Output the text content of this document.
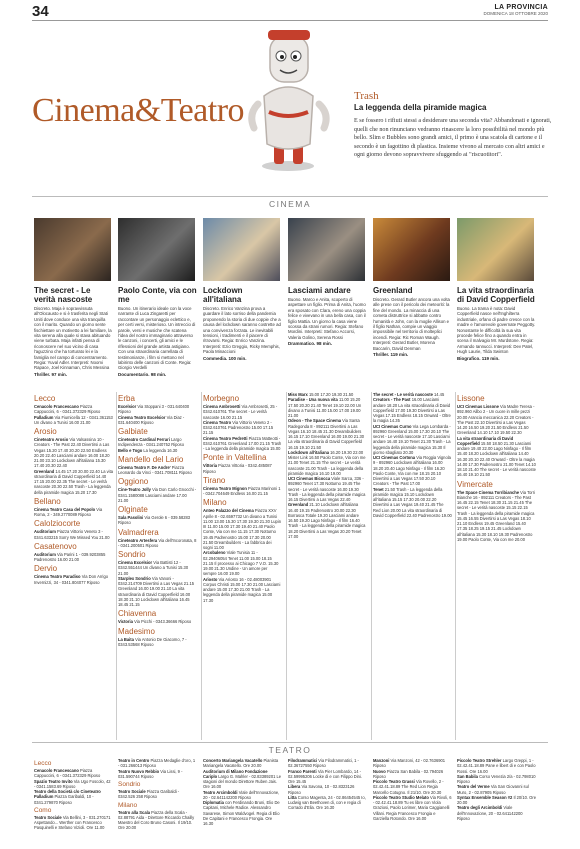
34	LA PROVINCIA
DOMENICA 18 OTTOBRE 2020
Cinema&Teatro	Trash
La leggenda della piramide magica
E se fossero i rifiuti stessi a desiderare una seconda vita? Abbandonati e ignorati, quelli che non rinunciano vedranno rinascere la loro possibilità nel mondo più bello. Slim e Bubbles sono grandi amici, il primo è una scatola di cartone e il secondo è un fagottino di plastica. Insieme vivono al mercato con altri amici e ogni giorno devono sopravvivere sfuggendo ai "riscuotitori".
CINEMA
The secret - Le verità nascoste
Discreto. Maja è sopravvissuta all'Olocausto e si è trasferita negli Stati Uniti dove conduce una vita tranquilla con il marito. Quando un giorno sente fischiettare un motivetto a lei familiare, la vita serena alla quale si stava abituando viene turbata. Maja infatti pensa di riconoscere nel suo vicino di casa l'aguzzino che ha torturato lei e la famiglia nel campo di concentramento. Regia: Yuval Adler. Interpreti: Noomi Rapace, Joel Kinnaman, Chris Messina
Thriller. 97 min.
Paolo Conte, via con me
Buono. Un itinerario ideale con la voce narrante di Luca Zingaretti per raccontare un personaggio eclettico e, per certi versi, misterioso. Un intreccio di parole, versi e musiche che scatena l'idea del nostro immaginario attraverso le canzoni, i concerti, gli amici e le riflessioni del grande artista astigiano. Con una straordinaria carrellata di testimonianze, i film si mettono nel labirinto delle canzoni di Conte. Regia: Giorgio Verdelli
Documentario. 98 min.
Lockdown all'italiana
Discreto. Enrico Vanzina prova a guardare il lato sorriso della pandemia proponendo la storia di due coppie che a causa del lockdown saranno costrette ad una convivenza forzata. Le inevitabili tensioni, i tradimenti e il piacere di ritrovarsi. Regia: Enrico Vanzina. Interpreti: Ezio Greggio, Ricky Memphis, Paola Minaccioni
Commedia. 100 min.
Lasciami andare
Buono. Marco e Anita, scoperto di aspettare un figlio. Prima di Anita, l'uomo era sposato con Clara, ereno una coppia felice e vivevano in una bella casa, con il figlio Mattia. Un giorno la casa viene scossa da strani rumori. Regia: Stefano Mordini. Interpreti: Stefano Accorsi, Valeria Golino, Serena Rossi
Drammatico. 98 min.
Greenland
Discreto. Gerard Butler ancora una volta alle prese con il pericolo dei meteoriti: la fine del mondo. La minaccia di una cometa distruttrice si abbatte contro l'umanità e John, con la moglie Allison e il figlio Nathan, compie un viaggio impossibile nel territorio di molteplici incendi. Regia: Ric Roman Waugh. Interpreti: Gerard Butler, Morena Baccarin, David Denman
Thriller. 119 min.
La vita straordinaria di David Copperfield
Buono. La trama è nota: David Copperfield nasce nell'Inghilterra industriale, orfano di padre cresce con la madre e l'amorevole governate Peggotty. Nonostante le difficoltà la sua vita procede felice fino a quando entra in scena il malvagio Mr. Murdstone. Regia: Armando Iannucci. Interpreti: Dev Patel, Hugh Laurie, Tilda Swinton
Biografico. 119 min.
Lecco
Cenacolo Francescano Piazza Cappuccini, 6 - 0341.372329 Riposo
Palladium Via Fiumicella 12 - 0341.361153 Un divano a Tunisi 16.00 21.00
Arosio
Cineteatro Arosio Via Valsassina 10 - Creators - The Past 22.40 Divertirsi a Las Vegas 15.20 17.40 20.20 22.50 Endless 20.20 22.40 Lasciami andare 16.00 18.20 21.00 23.10 Lockdown all'italiana 15.30 17.40 20.30 22.40
Greenland 14.45 17.20 20.00 22.40 La vita straordinaria di David Copperfield 14.40 17.15 20.00 22.35 The secret - Le verità nascoste 20.30 22.50 Trash - La leggenda della piramide magica 15.20 17.30
Bellano
Cinema Teatro Casa del Popolo Via Roma, 2 - 349.2770089 Riposo
Calolziocorte
Auditorium Piazza Vittorio Veneto 3 - 0341.633215 Sorry We Missed You 21.00
Casatenovo
Auditorium Via Parini 1 - 039.9203855 Padrenostro 16.00 21.00
Dervio
Cinema Teatro Paradiso Via Don Arrigo Invernizzi, 34 - 0341.804077 Riposo
Erba
Excelsior Via Stoppani 3 - 031.640400 Riposo
Cinema Teatro Excelsior Via Diaz - 031.640400 Riposo
Galbiate
Cineteatro Cardinal Ferrari Largo Indipendenza - 0341.240752 Riposo
Bello e Togo La leggenda 16.30
Mandello del Lario
Cinema Teatro F. De Andre' Piazza Leonardo da Vinci - 0341.708111 Riposo
Oggiono
Cine-Teatro Jolly Via Don Carlo Gnocchi - 0341.1580088 Lasciami andare 17.00 21.00
Olginate
Sala Pasolini Via Gerole 6 - 039.58283 Riposo
Valmadrera
Cineteatro Artesfera Via dell'Incoronata, 8 - 0341.200501 Riposo
Sondrio
Cinema Excelsior Via Battisti 12 - 0342.551444 Un divano a Tunisi 15.30 21.00
Starplex Sondrio Via Vanoni - 0342.214709 Divertirsi a Las Vegas 21.15 Greenland 16.00 19.00 21.10 La vita straordinaria di David Copperfield 16.00 18.30 21.10 Lockdown all'italiana 16.45 18.45 21.15
Chiavenna
Victoria Via Picchi - 0343.36666 Riposo
Madesimo
La Baita Via Antonio De Giacomo, 7 - 0343.53568 Riposo
Morbegno
Cinema Ambrosetti Via Ambrosetti, 25 - 0342.610761 The secret - Le verità nascoste 16.00 21.15
Cinema Teatro Via Vittorio Veneto 2 - 0342.610761 Padrenostro 15.00 17.15 21.15
Cinema Teatro Pedretti Piazza Matteotti - 0342.610761 Greenland 17.00 21.15 Trash - La leggenda della piramide magica 15.00
Ponte in Valtellina
Vittoria Piazza Vittoria - 0342.485087 Riposo
Tirano
Cinema Teatro Mignon Piazza Marinoni 1 - 0342.704649 Endless 16.00 21.15
Milano
Anteo Palazzo del Cinema Piazza XXV Aprile 8 - 02.6597732 Un divano a Tunisi 11.00 13.00 15.30 17.30 19.30 21.30 Lupin III 11.00 15.00 17.30 19.40 21.40 Paolo Conte, Via con me 11.15 17.30 Notturno 19.45 Padrenostro 15.00 17.30 20.00 21.50 Dreambuilders - La fabbrica dei sogni 11.00
Arcobaleno Viale Tunisia 11 - 02.29406054 Tenet 11.00 15.00 18.15 21.15 Il processo ai Chicago 7 V.O. 15.30 19.00 21.30 Undine - Un amore per sempre 16.00 19.00
Ariosto Via Ariosto 16 - 02.48003901 Corpus Christi 15.00 17.30 21.00 Lasciami andare 15.00 17.30 21.00 Trash - La leggenda della piramide magica 15.00 17.30
Miss Marx 15.00 17.20 19.30 21.50
Paradise - Una nuova vita 11.00 15.20 17.50 20.20 21.40 Tenet 19.10 22.00 Un divano a Tunisi 11.00 15.00 17.00 19.00 21.00
Odeon - The Space Cinema Via Santa Radegonda 8 - 892111 Divertirsi a Las Vegas 16.10 18.45 21.30 Dreambuilders 16.15 17.10 Greenland 16.00 19.00 21.30 La vita straordinaria di David Copperfield 16.15 19.10 21.50
Lockdown all'italiana 16.20 19.30 22.00 Mister Link 16.50 Paolo Conte, Via con me 21.00 Tenet 21.15 The secret - Le verità nascoste 21.00 Trash - La leggenda della piramide magica 16.10 19.00
UCI Cinemas Bicocca Viale Sarca, 336 - 892960 Tenet 17.30 Notturno 19.45 The secret - Le verità nascoste 16.00 19.30 Trash - La leggenda della piramide magica 16.15 Divertirsi a Las Vegas 22.40
Greenland 21.10 Lockdown all'italiana 16.40 19.15 Padrenostro 20.00 22.30 Borrasca Totale 19.20 Lasciami andare 16.50 19.20 Lago Ninfago - Il film 16.40 Trash - La leggenda della piramide magica 18.20 Divertirsi a Las Vegas 20.20 Tenet 17.00
The secret - Le verità nascoste 14.45
Creators - The Past 16.00 Lasciami andare 18.20 La vita straordinaria di David Copperfield 17.00 19.30 Divertirsi a Las Vegas 17.15 Endless 18.15 Onward - Oltre la magia 14.35
UCI Cinemas Curno Via Lega Lombarda - 892960 Greenland 15.00 17.30 20.10 The secret - Le verità nascoste 17.10 Lasciami andare 16.40 19.10 Tenet 21.30 Trash - La leggenda della piramide magica 15.30 Il giorno sbagliato 20.30
UCI Cinemas Cortona Via Roggia Vignola 9 - 892960 Lockdown all'italiana 16.00 18.20 20.40 Lago Ninfago - Il film 16.20 Paolo Conte, Via con me 18.15 20.10 Divertirsi a Las Vegas 17.50 20.10 Creators - The Past 17.00
Tenet 21.50 Trash - La leggenda della piramide magica 15.10 Lockdown all'italiana 15.15 17.30 20.00 22.20 Divertirsi a Las Vegas 19.40 21.45 The Red Lion 20.00 La vita straordinaria di David Copperfield 22.40 Padrenostro 19.00
Lissone
UCI Cinemas Lissone Via Madre Teresa - 892.960 Ailbo 2 - Un cuore in mille pezzi 20.00 Arancia meccanica 22.20 Creators - The Past 22.10 Divertirsi a Las Vegas 14.20 16.50 19.20 21.50 Endless 21.50 Greenland 14.10 17.10 19.50 22.30
La vita straordinaria di David Copperfield 15.50 18.50 21.30 Lasciami andare 19.40 22.00 Lago Ninfago - Il film 15.40 18.20 Lockdown all'italiana 14.40 16.30 20.10 22.40 Onward - Oltre la magia 14.00 17.30 Padrenostro 21.00 Tenet 14.10 18.10 21.40 The secret - Le verità nascoste 16.40 19.10 21.50
Vimercate
The Space Cinema Torribianche Via Torri Bianche 16 - 892111 Creators - The Past 16.45 22.15 Tenet 18.30 21.15 21.45 The secret - Le verità nascoste 15.15 22.15 Trash - La leggenda della piramide magica 15.45 16.55 Divertirsi a Las Vegas 18.10 21.10 Endless 19.45 Greenland 15.40 17.35 18.25 19.15 21.45 Lockdown all'italiana 15.30 18.10 19.30 Padrenostro 19.00 Paolo Conte, Via con me 20.00
TEATRO
Lecco
Cenacolo Francescano Piazza Cappuccini, 6 - 0341.372329 Riposo
Spazio Teatro Invito Via Ugo Foscolo, 42 - 0341.1583.69 Riposo
Teatro della Società c/o Cineteatro Palladium Piazza Garibaldi, 10 - 0341.279870 Riposo
Como
Teatro Sociale Via Bellini, 3 - 031.270171 Aspettando... Werther con Francesco Pasquinelli e Stefano Vizioli. Ore 11.00
Teatro in Centro Piazza Medaglie d'oro, 1 - 031.266013 Riposo
Teatro Nuovo Rebbio Via Lissi, 9 - 031.590744 Riposo
Sondrio
Teatro Sociale Piazza Garibaldi - 0342.526 258 Riposo
Milano
Teatro alla Scala Piazza della Scala - 02.88791 Aida - Direttore Riccardo Chailly Maestro del Coro Bruno Casoni. Il 19/10. Ore 20.00
Concerto Mariangela Vacatello Pianista Mariangela Vacatello. Ore 20.00
Auditorium di Milano Fondazione Cariplo Largo G. Mahler - 02.83389201 Le stagioni del mondo Direttore Ruben Jais. Ore 16.00
Teatro Arcimboldi Viale dell'Innovazione, 20 - 02.641142200 Riposo
Diplomatia con Ferdinando Bruni, Elio De Capitani, Michele Radice. Alessandro Savarese, Simon Waldvogel. Regia di Elio De Capitani e Francesco Frongia. Ore 16.30
Filodrammatici Via Filodrammatici, 1 - 02.36727550 Riposo
Franco Parenti Via Pier Lombardo, 14 - 02.59995206 Locke di e con Filippo Dini. Ore 15.45
Libera Via Savona, 10 - 02.8323126 Riposo
Litta Corso Magenta, 24 - 02.86454545 Io, Ludwig van Beethoven di, con e regia di Corrado d'Elia. Ore 16.30
Manzoni Via Manzoni, 42 - 02.7636901 Riposo
Nuovo Piazza San Babila - 02.794026 Riposo
Piccolo Teatro Grassi Via Rovello, 2 - 02.42.41.18.89 The Red Lion Regia Marcello Cotugno. Il 21/10. Ore 20.30
Piccolo Teatro Studio Melato Via Rivoli, 6 - 02.42.41.18.89 Tu es libre con Viola Graziosi, Paolo Lorimer, Maria Caggianelli Villani. Regia Francesco Frongia e Garziella Rotondo. Ore 16.00
Piccolo Teatro Strehler Largo Greppi, 1 - 02.42.41.18.89 Pane e libert di e con Paolo Rossi. Ore 16.00
San Babila Corso Venezia 2/a - 02.798010 Riposo
Teatro del Verme Via San Giovanni sul Muro, 2 - 02.87905 Riposo
Syntax Ensemble Season #2 Il 20/10. Ore 20.00
Teatro degli Arcimboldi Viale dell'Innovazione, 20 - 02.641142200 Riposo
